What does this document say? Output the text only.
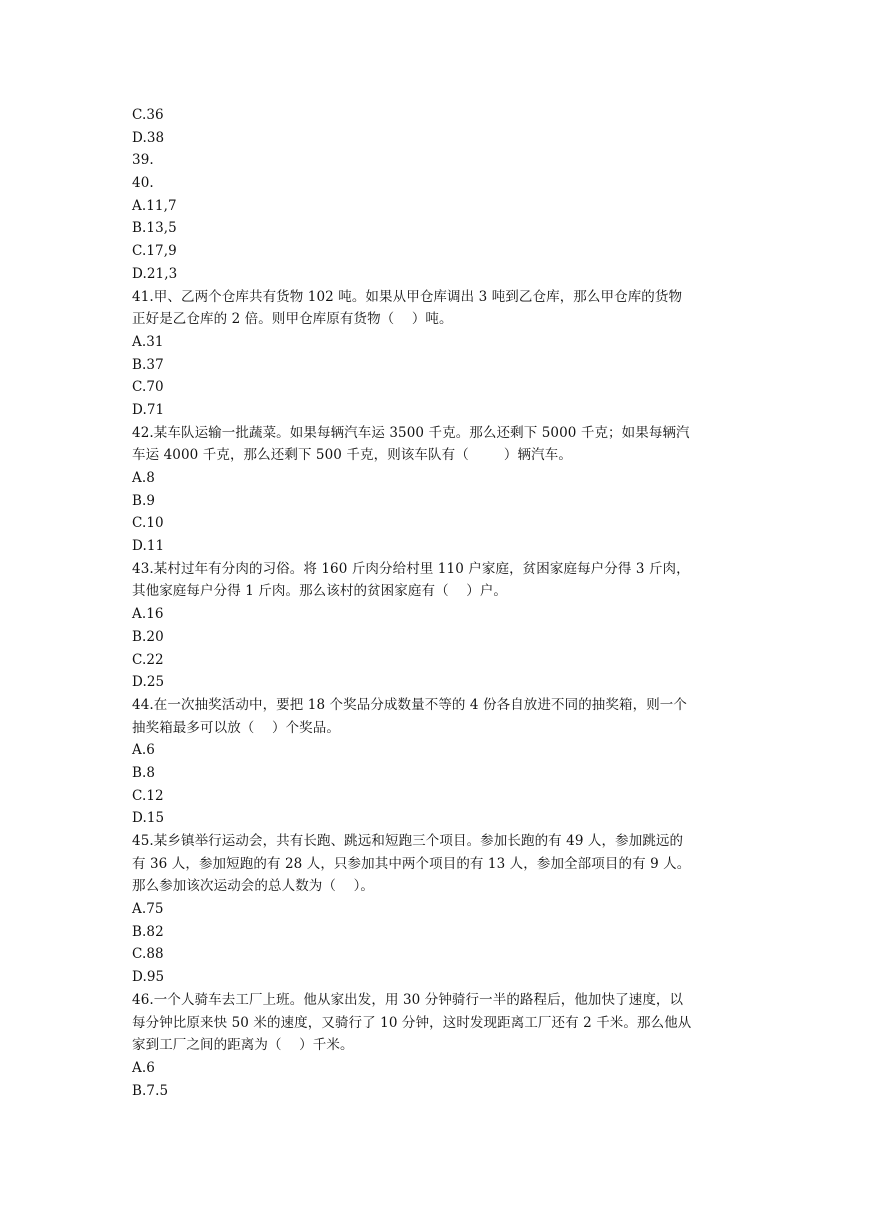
C.36
D.38
39.
40.
A.11,7
B.13,5
C.17,9
D.21,3
41.甲、乙两个仓库共有货物 102 吨。如果从甲仓库调出 3 吨到乙仓库，那么甲仓库的货物
正好是乙仓库的 2 倍。则甲仓库原有货物（    ）吨。
A.31
B.37
C.70
D.71
42.某车队运输一批蔬菜。如果每辆汽车运 3500 千克。那么还剩下 5000 千克；如果每辆汽
车运 4000 千克，那么还剩下 500 千克，则该车队有（        ）辆汽车。
A.8
B.9
C.10
D.11
43.某村过年有分肉的习俗。将 160 斤肉分给村里 110 户家庭，贫困家庭每户分得 3 斤肉，
其他家庭每户分得 1 斤肉。那么该村的贫困家庭有（    ）户。
A.16
B.20
C.22
D.25
44.在一次抽奖活动中，要把 18 个奖品分成数量不等的 4 份各自放进不同的抽奖箱，则一个
抽奖箱最多可以放（    ）个奖品。
A.6
B.8
C.12
D.15
45.某乡镇举行运动会，共有长跑、跳远和短跑三个项目。参加长跑的有 49 人，参加跳远的
有 36 人，参加短跑的有 28 人，只参加其中两个项目的有 13 人，参加全部项目的有 9 人。
那么参加该次运动会的总人数为（    ）。
A.75
B.82
C.88
D.95
46.一个人骑车去工厂上班。他从家出发，用 30 分钟骑行一半的路程后，他加快了速度，以
每分钟比原来快 50 米的速度，又骑行了 10 分钟，这时发现距离工厂还有 2 千米。那么他从
家到工厂之间的距离为（    ）千米。
A.6
B.7.5
